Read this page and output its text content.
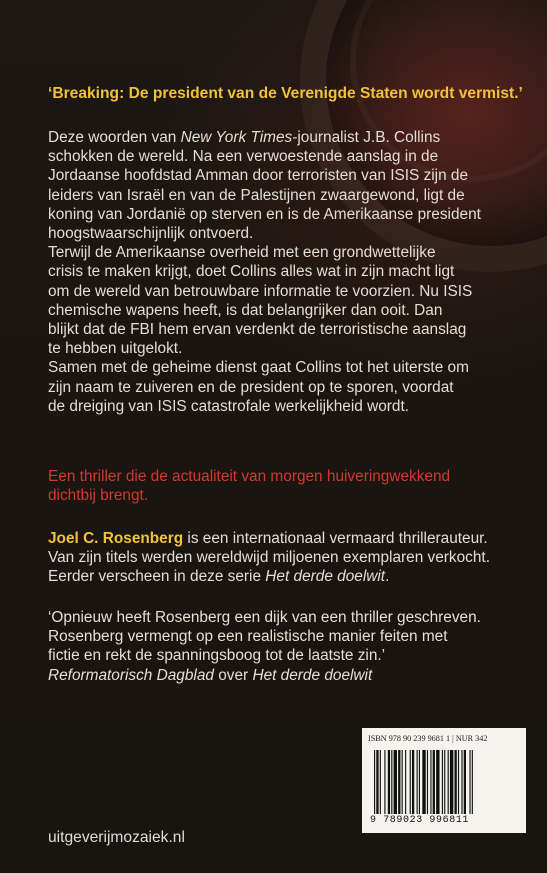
‘Breaking: De president van de Verenigde Staten wordt vermist.’

Deze woorden van New York Times-journalist J.B. Collins
schokken de wereld. Na een verwoestende aanslag in de
Jordaanse hoofdstad Amman door terroristen van ISIS zijn de
leiders van Israël en van de Palestijnen zwaargewond, ligt de
koning van Jordanië op sterven en is de Amerikaanse president
hoogstwaarschijnlijk ontvoerd.
Terwijl de Amerikaanse overheid met een grondwettelijke
crisis te maken krijgt, doet Collins alles wat in zijn macht ligt
om de wereld van betrouwbare informatie te voorzien. Nu ISIS
chemische wapens heeft, is dat belangrijker dan ooit. Dan
blijkt dat de FBI hem ervan verdenkt de terroristische aanslag
te hebben uitgelokt.
Samen met de geheime dienst gaat Collins tot het uiterste om
zijn naam te zuiveren en de president op te sporen, voordat
de dreiging van ISIS catastrofale werkelijkheid wordt.

Een thriller die de actualiteit van morgen huiveringwekkend
dichtbij brengt.

Joel C. Rosenberg is een internationaal vermaard thrillerauteur.
Van zijn titels werden wereldwijd miljoenen exemplaren verkocht.
Eerder verscheen in deze serie Het derde doelwit.

‘Opnieuw heeft Rosenberg een dijk van een thriller geschreven.
Rosenberg vermengt op een realistische manier feiten met
fictie en rekt de spanningsboog tot de laatste zin.’
Reformatorisch Dagblad over Het derde doelwit

ISBN 978 90 239 9681 1 | NUR 342
9 789023 996811
uitgeverijmozaiek.nl
